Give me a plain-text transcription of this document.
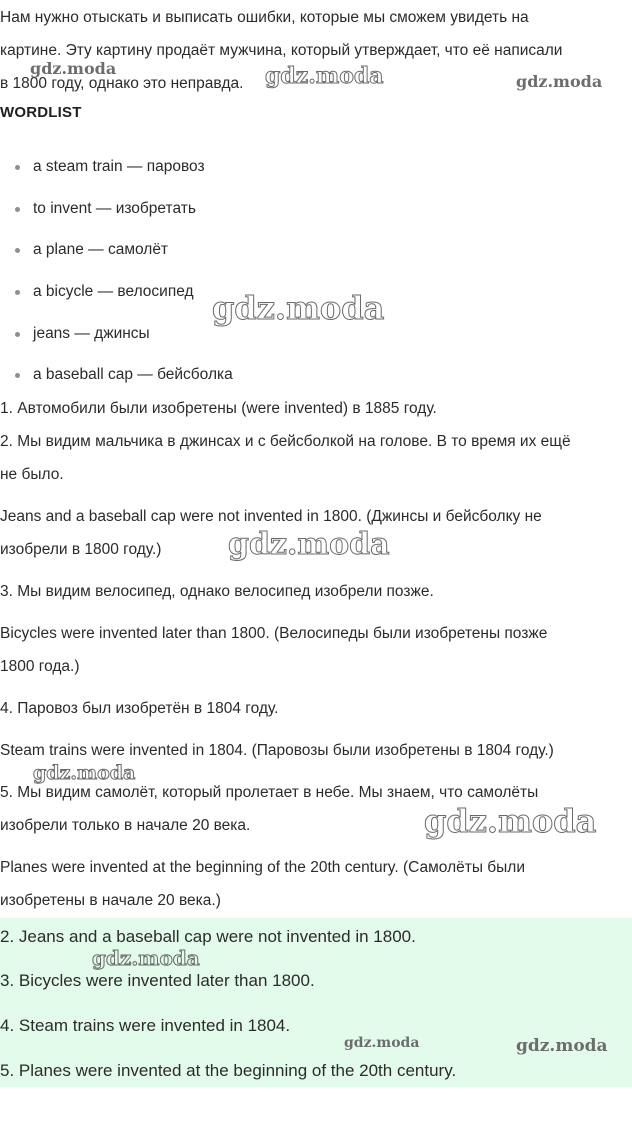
Нам нужно отыскать и выписать ошибки, которые мы сможем увидеть на

картине. Эту картину продаёт мужчина, который утверждает, что её написали

в 1800 году, однако это неправда.

WORDLIST
a steam train — паровоз
to invent — изобретать
a plane — самолёт
a bicycle — велосипед
jeans — джинсы
a baseball cap — бейсболка

1. Автомобили были изобретены (were invented) в 1885 году.

2. Мы видим мальчика в джинсах и с бейсболкой на голове. В то время их ещё

не было.

Jeans and a baseball cap were not invented in 1800. (Джинсы и бейсболку не

изобрели в 1800 году.)

3. Мы видим велосипед, однако велосипед изобрели позже.

Bicycles were invented later than 1800. (Велосипеды были изобретены позже

1800 года.)

4. Паровоз был изобретён в 1804 году.

Steam trains were invented in 1804. (Паровозы были изобретены в 1804 году.)

5. Мы видим самолёт, который пролетает в небе. Мы знаем, что самолёты

изобрели только в начале 20 века.

Planes were invented at the beginning of the 20th century. (Самолёты были

изобретены в начале 20 века.)

2. Jeans and a baseball cap were not invented in 1800.
3. Bicycles were invented later than 1800.
4. Steam trains were invented in 1804.
5. Planes were invented at the beginning of the 20th century.
gdz.moda	gdz.moda	gdz.moda
gdz.moda
gdz.moda
gdz.moda
gdz.moda
gdz.moda
gdz.moda	gdz.moda
